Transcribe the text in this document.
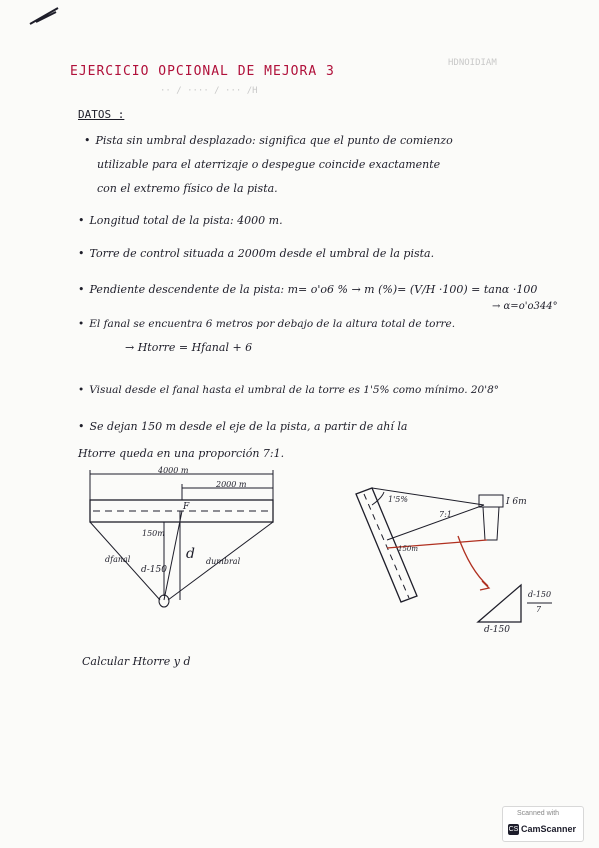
HDNOIDIAM
·· / ···· / ··· /H
EJERCICIO OPCIONAL DE MEJORA 3
DATOS :
• Pista sin umbral desplazado: significa que el punto de comienzo
utilizable para el aterrizaje o despegue coincide exactamente
con el extremo físico de la pista.
• Longitud total de la pista: 4000 m.
• Torre de control situada a 2000m desde el umbral de la pista.
• Pendiente descendente de la pista: m= o'o6 % → m (%)= (V/H ·100) = tanα ·100
→ α=o'o344°
• El fanal se encuentra 6 metros por debajo de la altura total de torre.
→ Htorre = Hfanal + 6
• Visual desde el fanal hasta el umbral de la torre es 1'5% como mínimo. 20'8°
• Se dejan 150 m desde el eje de la pista, a partir de ahí la
Htorre queda en una proporción 7:1.
4000 m
2000 m
F
150m
d
d-150
dfanal	dumbral
1'5%
7:1
I 6m
150m
d-150
d-150
7
Calcular Htorre y d
Scanned with
CS CamScanner
